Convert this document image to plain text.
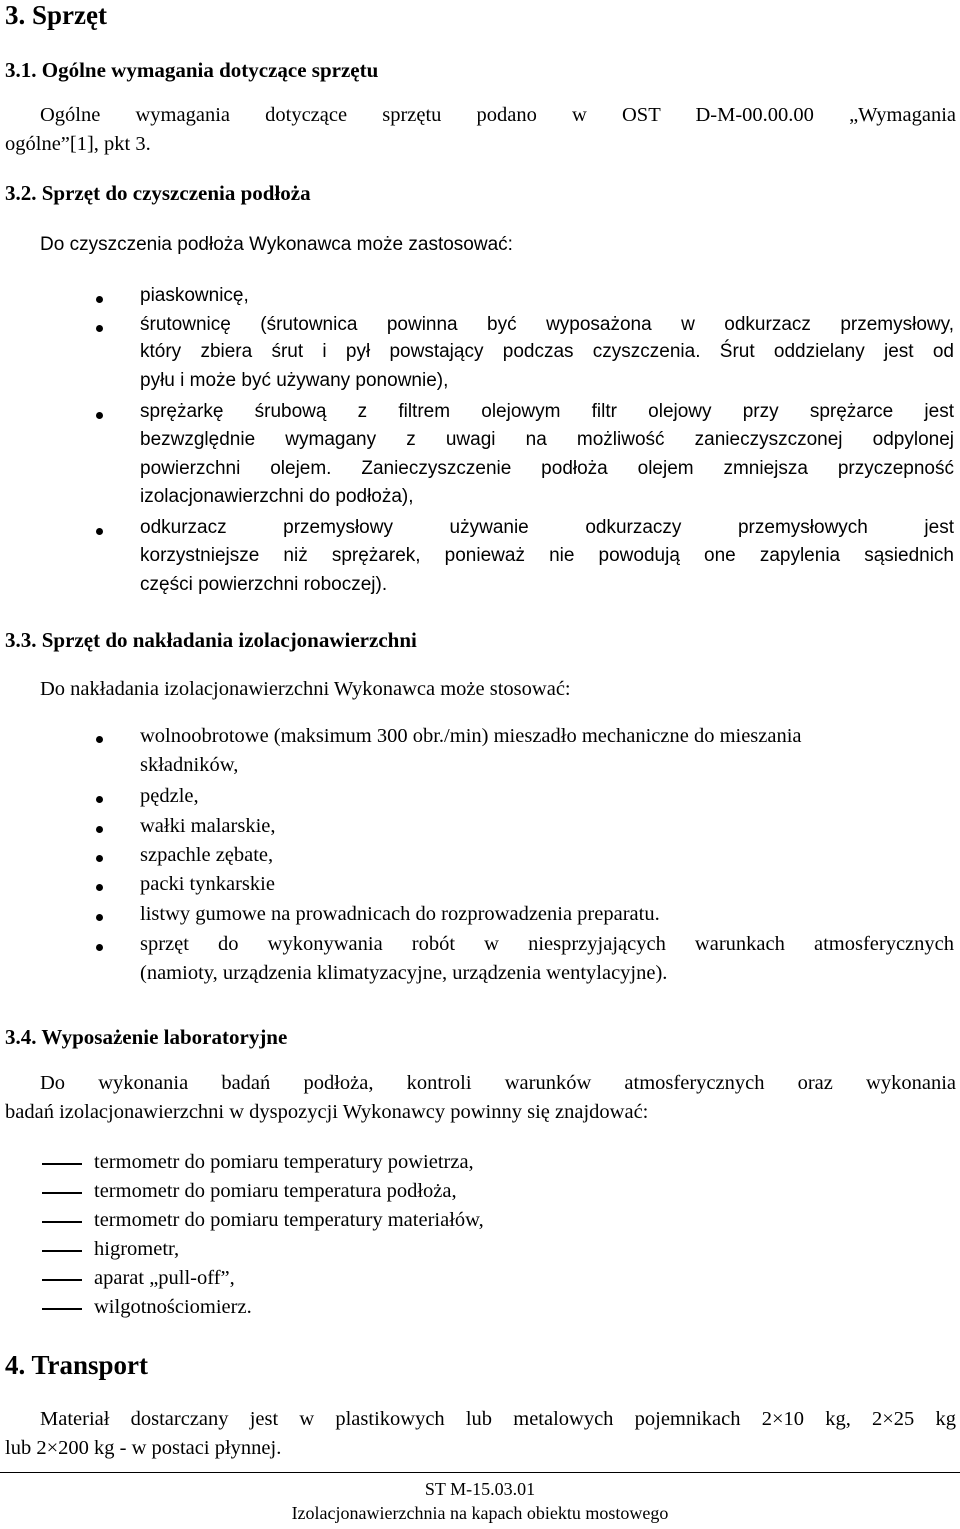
3. Sprzęt
3.1. Ogólne wymagania dotyczące sprzętu
Ogólne wymagania dotyczące sprzętu podano w OST D-M-00.00.00 „Wymagania
ogólne”[1], pkt 3.
3.2. Sprzęt do czyszczenia podłoża
Do czyszczenia podłoża Wykonawca może zastosować:
piaskownicę,
śrutownicę (śrutownica powinna być wyposażona w odkurzacz przemysłowy,
który zbiera śrut i pył powstający podczas czyszczenia. Śrut oddzielany jest od
pyłu i może być używany ponownie),
sprężarkę śrubową z filtrem olejowym filtr olejowy przy sprężarce jest
bezwzględnie wymagany z uwagi na możliwość zanieczyszczonej odpylonej
powierzchni olejem. Zanieczyszczenie podłoża olejem zmniejsza przyczepność
izolacjonawierzchni do podłoża),
odkurzacz przemysłowy używanie odkurzaczy przemysłowych jest
korzystniejsze niż sprężarek, ponieważ nie powodują one zapylenia sąsiednich
części powierzchni roboczej).
3.3. Sprzęt do nakładania izolacjonawierzchni
Do nakładania izolacjonawierzchni Wykonawca może stosować:
wolnoobrotowe (maksimum 300 obr./min) mieszadło mechaniczne do mieszania
składników,
pędzle,
wałki malarskie,
szpachle zębate,
packi tynkarskie
listwy gumowe na prowadnicach do rozprowadzenia preparatu.
sprzęt do wykonywania robót w niesprzyjających warunkach atmosferycznych
(namioty, urządzenia klimatyzacyjne, urządzenia wentylacyjne).
3.4. Wyposażenie laboratoryjne
Do wykonania badań podłoża, kontroli warunków atmosferycznych oraz wykonania
badań izolacjonawierzchni w dyspozycji Wykonawcy powinny się znajdować:
termometr do pomiaru temperatury powietrza,
termometr do pomiaru temperatura podłoża,
termometr do pomiaru temperatury materiałów,
higrometr,
aparat „pull-off”,
wilgotnościomierz.
4. Transport
Materiał dostarczany jest w plastikowych lub metalowych pojemnikach 2×10 kg, 2×25 kg
lub 2×200 kg - w postaci płynnej.
ST M-15.03.01
Izolacjonawierzchnia na kapach obiektu mostowego
